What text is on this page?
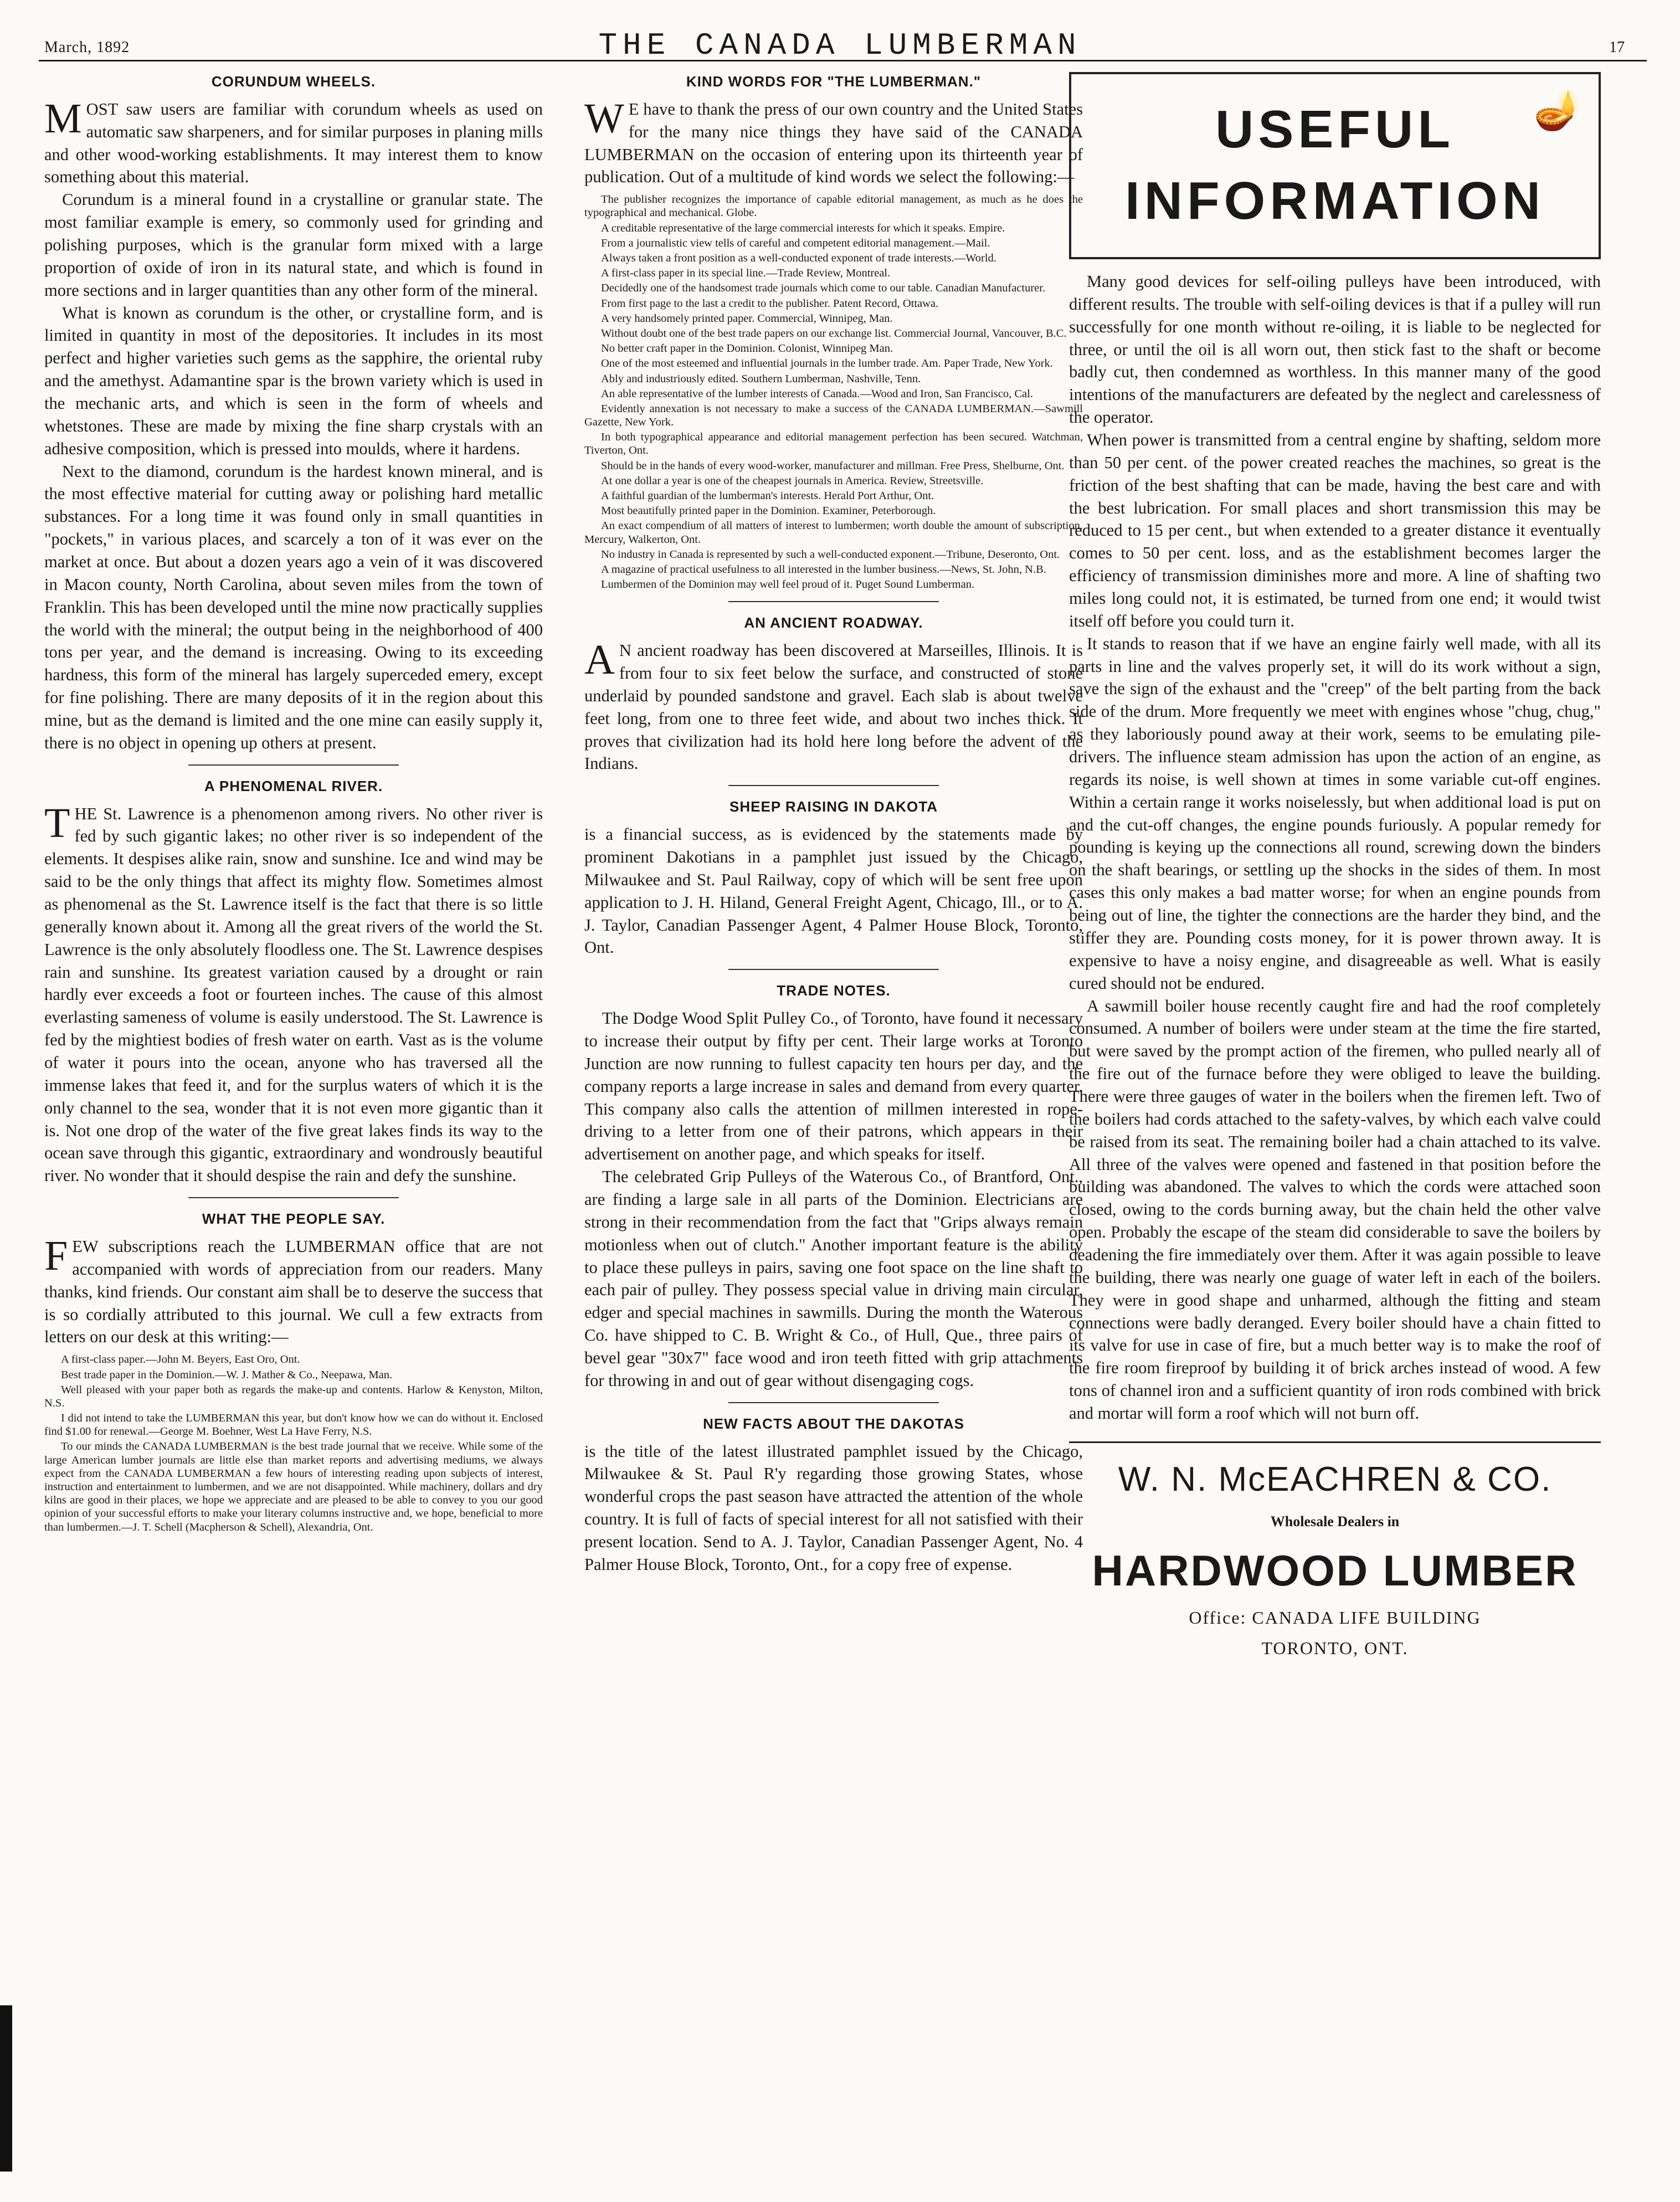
March, 1892	THE CANADA LUMBERMAN	17
CORUNDUM WHEELS.

MOST saw users are familiar with corundum wheels as used on automatic saw sharpeners, and for similar purposes in planing mills and other wood-working establishments. It may interest them to know something about this material.

Corundum is a mineral found in a crystalline or granular state. The most familiar example is emery, so commonly used for grinding and polishing purposes, which is the granular form mixed with a large proportion of oxide of iron in its natural state, and which is found in more sections and in larger quantities than any other form of the mineral.

What is known as corundum is the other, or crystalline form, and is limited in quantity in most of the depositories. It includes in its most perfect and higher varieties such gems as the sapphire, the oriental ruby and the amethyst. Adamantine spar is the brown variety which is used in the mechanic arts, and which is seen in the form of wheels and whetstones. These are made by mixing the fine sharp crystals with an adhesive composition, which is pressed into moulds, where it hardens.

Next to the diamond, corundum is the hardest known mineral, and is the most effective material for cutting away or polishing hard metallic substances. For a long time it was found only in small quantities in "pockets," in various places, and scarcely a ton of it was ever on the market at once. But about a dozen years ago a vein of it was discovered in Macon county, North Carolina, about seven miles from the town of Franklin. This has been developed until the mine now practically supplies the world with the mineral; the output being in the neighborhood of 400 tons per year, and the demand is increasing. Owing to its exceeding hardness, this form of the mineral has largely superceded emery, except for fine polishing. There are many deposits of it in the region about this mine, but as the demand is limited and the one mine can easily supply it, there is no object in opening up others at present.

A PHENOMENAL RIVER.

THE St. Lawrence is a phenomenon among rivers. No other river is fed by such gigantic lakes; no other river is so independent of the elements. It despises alike rain, snow and sunshine. Ice and wind may be said to be the only things that affect its mighty flow. Sometimes almost as phenomenal as the St. Lawrence itself is the fact that there is so little generally known about it. Among all the great rivers of the world the St. Lawrence is the only absolutely floodless one. The St. Lawrence despises rain and sunshine. Its greatest variation caused by a drought or rain hardly ever exceeds a foot or fourteen inches. The cause of this almost everlasting sameness of volume is easily understood. The St. Lawrence is fed by the mightiest bodies of fresh water on earth. Vast as is the volume of water it pours into the ocean, anyone who has traversed all the immense lakes that feed it, and for the surplus waters of which it is the only channel to the sea, wonder that it is not even more gigantic than it is. Not one drop of the water of the five great lakes finds its way to the ocean save through this gigantic, extraordinary and wondrously beautiful river. No wonder that it should despise the rain and defy the sunshine.

WHAT THE PEOPLE SAY.

FEW subscriptions reach the LUMBERMAN office that are not accompanied with words of appreciation from our readers. Many thanks, kind friends. Our constant aim shall be to deserve the success that is so cordially attributed to this journal. We cull a few extracts from letters on our desk at this writing:—

A first-class paper.—John M. Beyers, East Oro, Ont.
Best trade paper in the Dominion.—W. J. Mather & Co., Neepawa, Man.
Well pleased with your paper both as regards the make-up and contents. Harlow & Kenyston, Milton, N.S.
I did not intend to take the LUMBERMAN this year, but don't know how we can do without it. Enclosed find $1.00 for renewal.—George M. Boehner, West La Have Ferry, N.S.
To our minds the CANADA LUMBERMAN is the best trade journal that we receive. While some of the large American lumber journals are little else than market reports and advertising mediums, we always expect from the CANADA LUMBERMAN a few hours of interesting reading upon subjects of interest, instruction and entertainment to lumbermen, and we are not disappointed. While machinery, dollars and dry kilns are good in their places, we hope we appreciate and are pleased to be able to convey to you our good opinion of your successful efforts to make your literary columns instructive and, we hope, beneficial to more than lumbermen.—J. T. Schell (Macpherson & Schell), Alexandria, Ont.
KIND WORDS FOR "THE LUMBERMAN."

W E have to thank the press of our own country and the United States for the many nice things they have said of the CANADA LUMBERMAN on the occasion of entering upon its thirteenth year of publication. Out of a multitude of kind words we select the following:—

The publisher recognizes the importance of capable editorial management, as much as he does the typographical and mechanical. Globe.
A creditable representative of the large commercial interests for which it speaks. Empire.
From a journalistic view tells of careful and competent editorial management.—Mail.
Always taken a front position as a well-conducted exponent of trade interests.—World.
A first-class paper in its special line.—Trade Review, Montreal.
Decidedly one of the handsomest trade journals which come to our table. Canadian Manufacturer.
From first page to the last a credit to the publisher. Patent Record, Ottawa.
A very handsomely printed paper. Commercial, Winnipeg, Man.
Without doubt one of the best trade papers on our exchange list. Commercial Journal, Vancouver, B.C.
No better craft paper in the Dominion. Colonist, Winnipeg Man.
One of the most esteemed and influential journals in the lumber trade. Am. Paper Trade, New York.
Ably and industriously edited. Southern Lumberman, Nashville, Tenn.
An able representative of the lumber interests of Canada.—Wood and Iron, San Francisco, Cal.
Evidently annexation is not necessary to make a success of the CANADA LUMBERMAN.—Sawmill Gazette, New York.
In both typographical appearance and editorial management perfection has been secured. Watchman, Tiverton, Ont.
Should be in the hands of every wood-worker, manufacturer and millman. Free Press, Shelburne, Ont.
At one dollar a year is one of the cheapest journals in America. Review, Streetsville.
A faithful guardian of the lumberman's interests. Herald Port Arthur, Ont.
Most beautifully printed paper in the Dominion. Examiner, Peterborough.
An exact compendium of all matters of interest to lumbermen; worth double the amount of subscription. Mercury, Walkerton, Ont.
No industry in Canada is represented by such a well-conducted exponent.—Tribune, Deseronto, Ont.
A magazine of practical usefulness to all interested in the lumber business.—News, St. John, N.B.
Lumbermen of the Dominion may well feel proud of it. Puget Sound Lumberman.
AN ANCIENT ROADWAY.

A N ancient roadway has been discovered at Marseilles, Illinois. It is from four to six feet below the surface, and constructed of stone underlaid by pounded sandstone and gravel. Each slab is about twelve feet long, from one to three feet wide, and about two inches thick. It proves that civilization had its hold here long before the advent of the Indians.

SHEEP RAISING IN DAKOTA

is a financial success, as is evidenced by the statements made by prominent Dakotians in a pamphlet just issued by the Chicago, Milwaukee and St. Paul Railway, copy of which will be sent free upon application to J. H. Hiland, General Freight Agent, Chicago, Ill., or to A. J. Taylor, Canadian Passenger Agent, 4 Palmer House Block, Toronto, Ont.

TRADE NOTES.

The Dodge Wood Split Pulley Co., of Toronto, have found it necessary to increase their output by fifty per cent. Their large works at Toronto Junction are now running to fullest capacity ten hours per day, and the company reports a large increase in sales and demand from every quarter. This company also calls the attention of millmen interested in rope-driving to a letter from one of their patrons, which appears in their advertisement on another page, and which speaks for itself.

The celebrated Grip Pulleys of the Waterous Co., of Brantford, Ont., are finding a large sale in all parts of the Dominion. Electricians are strong in their recommendation from the fact that "Grips always remain motionless when out of clutch." Another important feature is the ability to place these pulleys in pairs, saving one foot space on the line shaft to each pair of pulley. They possess special value in driving main circular, edger and special machines in sawmills. During the month the Waterous Co. have shipped to C. B. Wright & Co., of Hull, Que., three pairs of bevel gear "30x7" face wood and iron teeth fitted with grip attachments for throwing in and out of gear without disengaging cogs.

NEW FACTS ABOUT THE DAKOTAS

is the title of the latest illustrated pamphlet issued by the Chicago, Milwaukee & St. Paul R'y regarding those growing States, whose wonderful crops the past season have attracted the attention of the whole country. It is full of facts of special interest for all not satisfied with their present location. Send to A. J. Taylor, Canadian Passenger Agent, No. 4 Palmer House Block, Toronto, Ont., for a copy free of expense.

🪔
USEFUL
INFORMATION

Many good devices for self-oiling pulleys have been introduced, with different results. The trouble with self-oiling devices is that if a pulley will run successfully for one month without re-oiling, it is liable to be neglected for three, or until the oil is all worn out, then stick fast to the shaft or become badly cut, then condemned as worthless. In this manner many of the good intentions of the manufacturers are defeated by the neglect and carelessness of the operator.

When power is transmitted from a central engine by shafting, seldom more than 50 per cent. of the power created reaches the machines, so great is the friction of the best shafting that can be made, having the best care and with the best lubrication. For small places and short transmission this may be reduced to 15 per cent., but when extended to a greater distance it eventually comes to 50 per cent. loss, and as the establishment becomes larger the efficiency of transmission diminishes more and more. A line of shafting two miles long could not, it is estimated, be turned from one end; it would twist itself off before you could turn it.

It stands to reason that if we have an engine fairly well made, with all its parts in line and the valves properly set, it will do its work without a sign, save the sign of the exhaust and the "creep" of the belt parting from the back side of the drum. More frequently we meet with engines whose "chug, chug," as they laboriously pound away at their work, seems to be emulating pile-drivers. The influence steam admission has upon the action of an engine, as regards its noise, is well shown at times in some variable cut-off engines. Within a certain range it works noiselessly, but when additional load is put on and the cut-off changes, the engine pounds furiously. A popular remedy for pounding is keying up the connections all round, screwing down the binders on the shaft bearings, or settling up the shocks in the sides of them. In most cases this only makes a bad matter worse; for when an engine pounds from being out of line, the tighter the connections are the harder they bind, and the stiffer they are. Pounding costs money, for it is power thrown away. It is expensive to have a noisy engine, and disagreeable as well. What is easily cured should not be endured.

A sawmill boiler house recently caught fire and had the roof completely consumed. A number of boilers were under steam at the time the fire started, but were saved by the prompt action of the firemen, who pulled nearly all of the fire out of the furnace before they were obliged to leave the building. There were three gauges of water in the boilers when the firemen left. Two of the boilers had cords attached to the safety-valves, by which each valve could be raised from its seat. The remaining boiler had a chain attached to its valve. All three of the valves were opened and fastened in that position before the building was abandoned. The valves to which the cords were attached soon closed, owing to the cords burning away, but the chain held the other valve open. Probably the escape of the steam did considerable to save the boilers by deadening the fire immediately over them. After it was again possible to leave the building, there was nearly one guage of water left in each of the boilers. They were in good shape and unharmed, although the fitting and steam connections were badly deranged. Every boiler should have a chain fitted to its valve for use in case of fire, but a much better way is to make the roof of the fire room fireproof by building it of brick arches instead of wood. A few tons of channel iron and a sufficient quantity of iron rods combined with brick and mortar will form a roof which will not burn off.

W. N. McEACHREN & CO.
Wholesale Dealers in
HARDWOOD LUMBER
Office: CANADA LIFE BUILDING
TORONTO, ONT.
